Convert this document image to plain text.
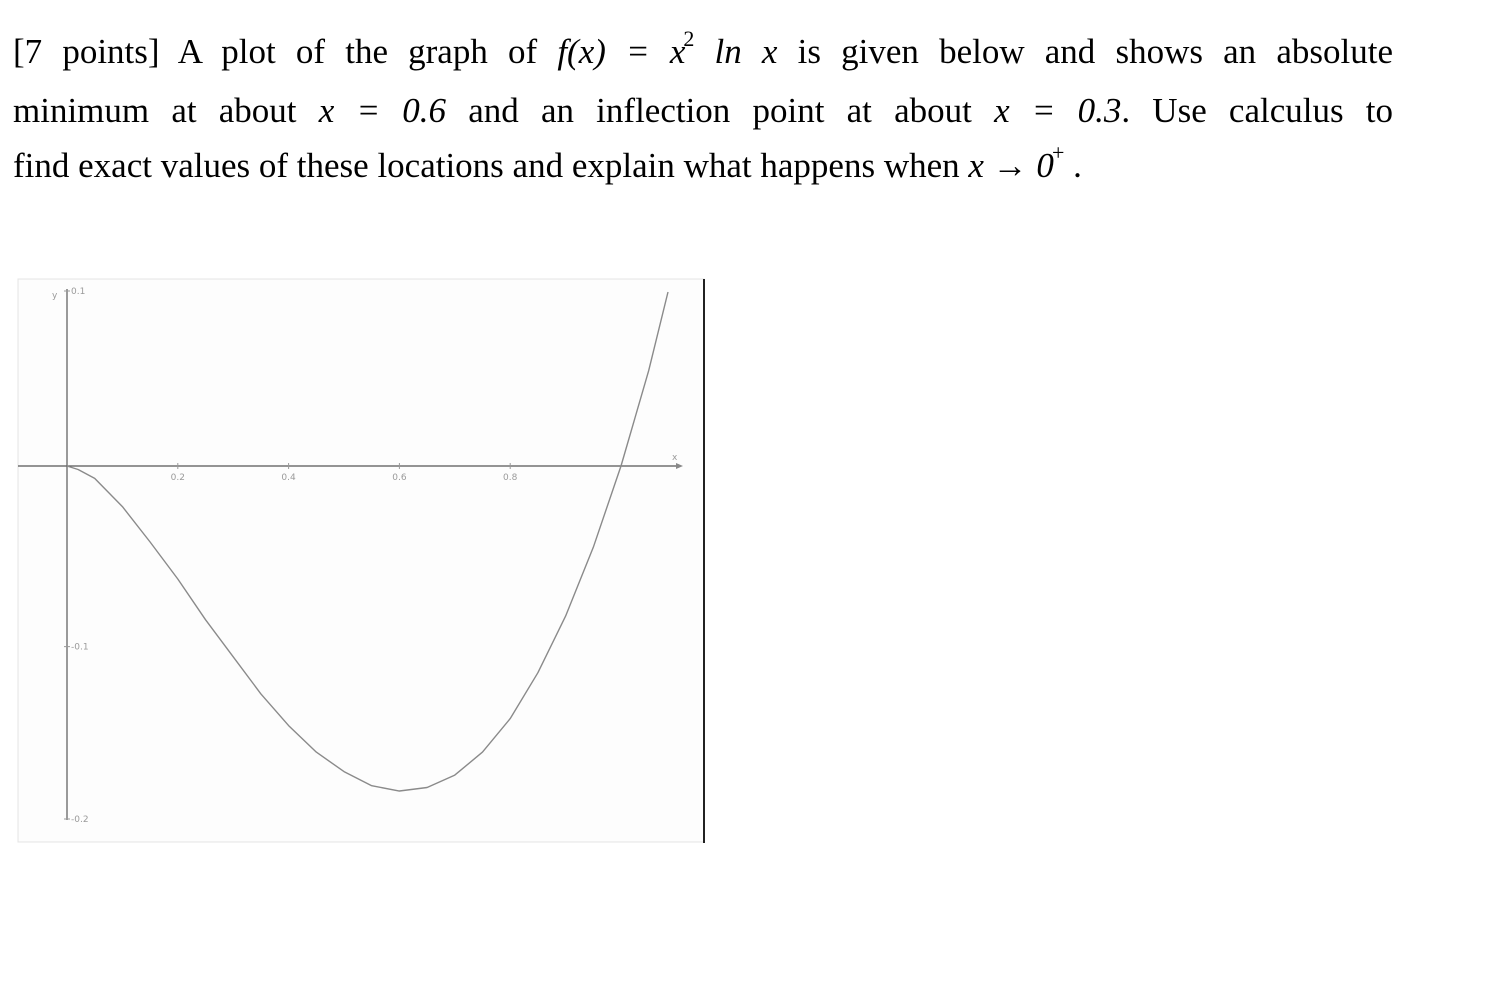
[7 points] A plot of the graph of $f(x) = x^2$ ln x is given below and shows an absolute
minimum at about x = 0.6 and an inflection point at about x = 0.3. Use calculus to
find exact values of these locations and explain what happens when x → 0+ .
x
y
0.2	0.4	0.6	0.8
0.1
-0.1
-0.2
